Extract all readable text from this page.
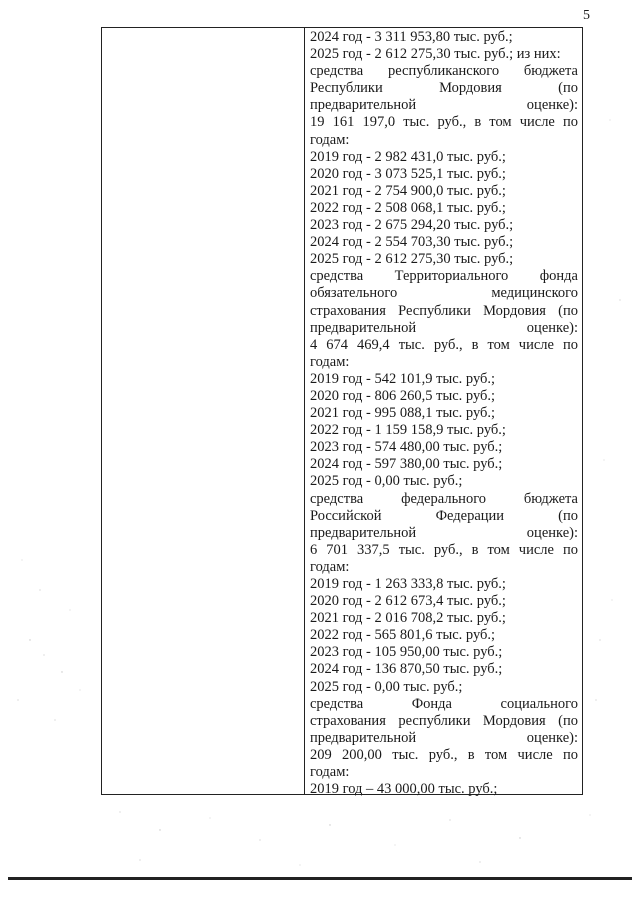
5
2024 год - 3 311 953,80 тыс. руб.;
2025 год - 2 612 275,30 тыс. руб.; из них:
средства республиканского бюджета
Республики Мордовия (по
предварительной оценке):
19 161 197,0 тыс. руб., в том числе по
годам:
2019 год - 2 982 431,0 тыс. руб.;
2020 год - 3 073 525,1 тыс. руб.;
2021 год - 2 754 900,0 тыс. руб.;
2022 год - 2 508 068,1 тыс. руб.;
2023 год - 2 675 294,20 тыс. руб.;
2024 год - 2 554 703,30 тыс. руб.;
2025 год - 2 612 275,30 тыс. руб.;
средства Территориального фонда
обязательного медицинского
страхования Республики Мордовия (по
предварительной оценке):
4 674 469,4 тыс. руб., в том числе по
годам:
2019 год - 542 101,9 тыс. руб.;
2020 год - 806 260,5 тыс. руб.;
2021 год - 995 088,1 тыс. руб.;
2022 год - 1 159 158,9 тыс. руб.;
2023 год - 574 480,00 тыс. руб.;
2024 год - 597 380,00 тыс. руб.;
2025 год - 0,00 тыс. руб.;
средства федерального бюджета
Российской Федерации (по
предварительной оценке):
6 701 337,5 тыс. руб., в том числе по
годам:
2019 год - 1 263 333,8 тыс. руб.;
2020 год - 2 612 673,4 тыс. руб.;
2021 год - 2 016 708,2 тыс. руб.;
2022 год - 565 801,6 тыс. руб.;
2023 год - 105 950,00 тыс. руб.;
2024 год - 136 870,50 тыс. руб.;
2025 год - 0,00 тыс. руб.;
средства Фонда социального
страхования республики Мордовия (по
предварительной оценке):
209 200,00 тыс. руб., в том числе по
годам:
2019 год – 43 000,00 тыс. руб.;
